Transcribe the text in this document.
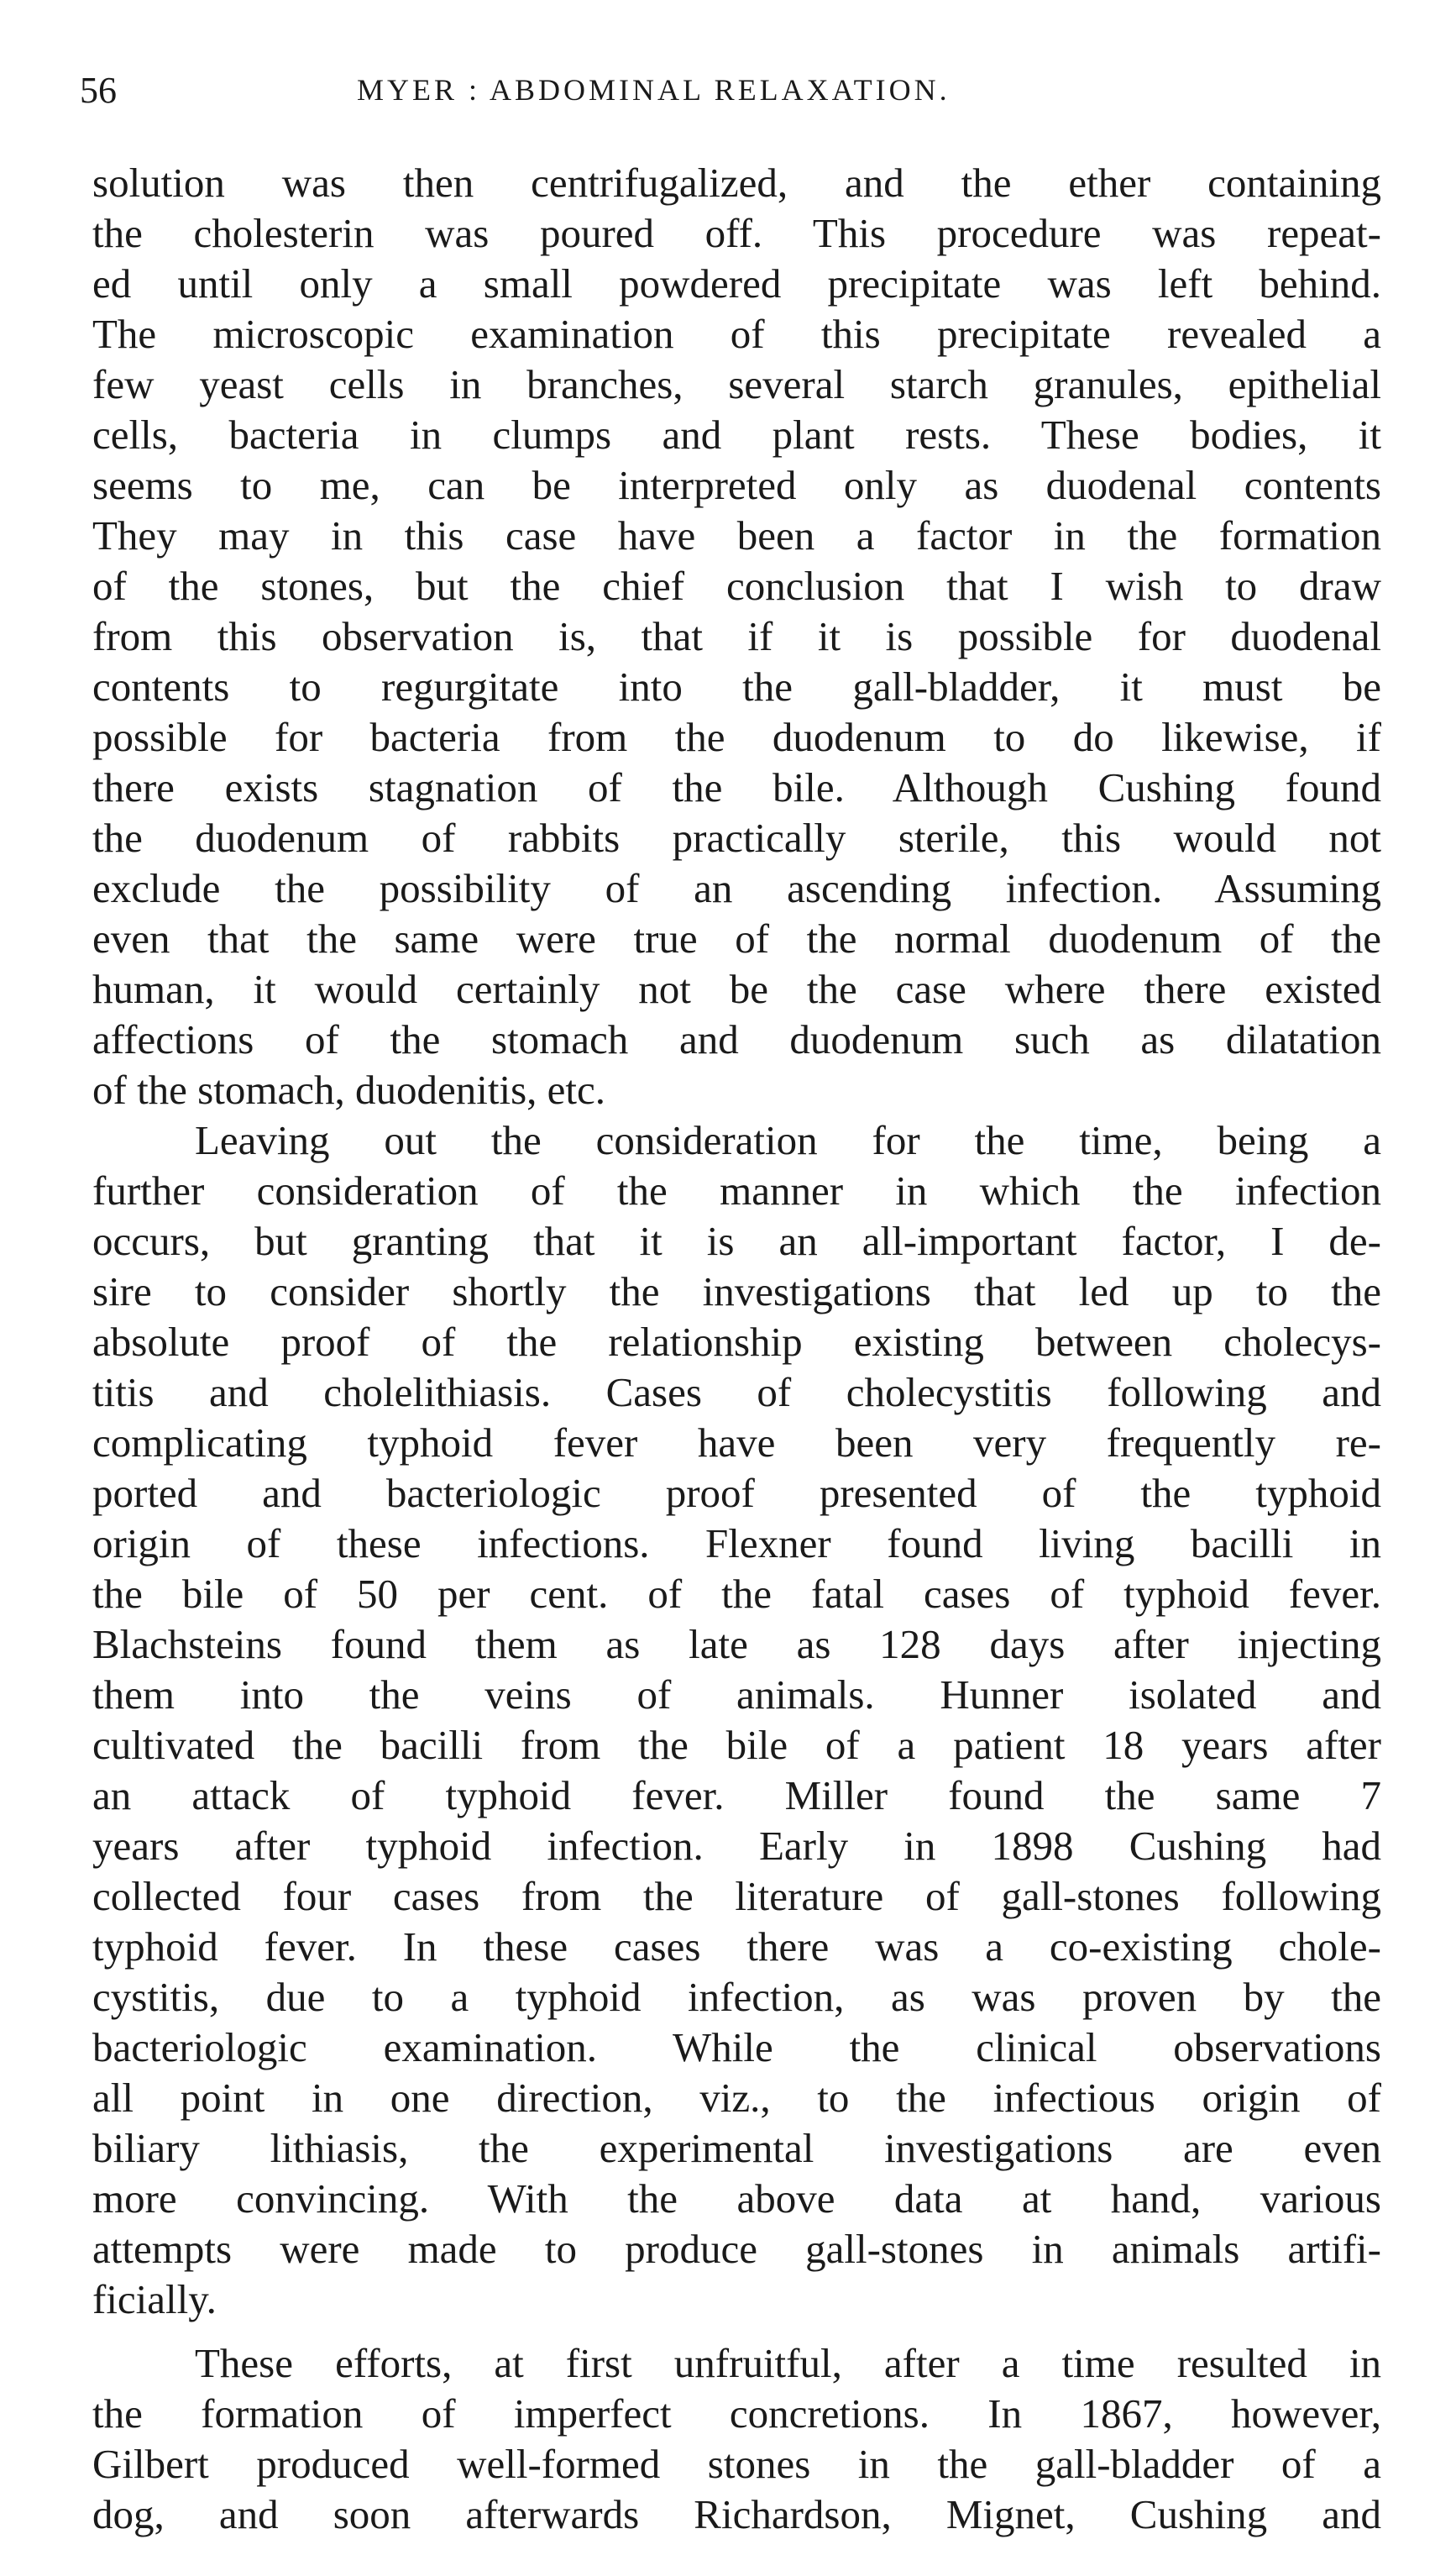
56	MYER : ABDOMINAL RELAXATION.
solution was then centrifugalized, and the ether containing
the cholesterin was poured off. This procedure was repeat-
ed until only a small powdered precipitate was left behind.
The microscopic examination of this precipitate revealed a
few yeast cells in branches, several starch granules, epithelial
cells, bacteria in clumps and plant rests. These bodies, it
seems to me, can be interpreted only as duodenal contents
They may in this case have been a factor in the formation
of the stones, but the chief conclusion that I wish to draw
from this observation is, that if it is possible for duodenal
contents to regurgitate into the gall-bladder, it must be
possible for bacteria from the duodenum to do likewise, if
there exists stagnation of the bile. Although Cushing found
the duodenum of rabbits practically sterile, this would not
exclude the possibility of an ascending infection. Assuming
even that the same were true of the normal duodenum of the
human, it would certainly not be the case where there existed
affections of the stomach and duodenum such as dilatation
of the stomach, duodenitis, etc.
Leaving out the consideration for the time, being a
further consideration of the manner in which the infection
occurs, but granting that it is an all-important factor, I de-
sire to consider shortly the investigations that led up to the
absolute proof of the relationship existing between cholecys-
titis and cholelithiasis. Cases of cholecystitis following and
complicating typhoid fever have been very frequently re-
ported and bacteriologic proof presented of the typhoid
origin of these infections. Flexner found living bacilli in
the bile of 50 per cent. of the fatal cases of typhoid fever.
Blachsteins found them as late as 128 days after injecting
them into the veins of animals. Hunner isolated and
cultivated the bacilli from the bile of a patient 18 years after
an attack of typhoid fever. Miller found the same 7
years after typhoid infection. Early in 1898 Cushing had
collected four cases from the literature of gall-stones following
typhoid fever. In these cases there was a co-existing chole-
cystitis, due to a typhoid infection, as was proven by the
bacteriologic examination. While the clinical observations
all point in one direction, viz., to the infectious origin of
biliary lithiasis, the experimental investigations are even
more convincing. With the above data at hand, various
attempts were made to produce gall-stones in animals artifi-
ficially.
These efforts, at first unfruitful, after a time resulted in
the formation of imperfect concretions. In 1867, however,
Gilbert produced well-formed stones in the gall-bladder of a
dog, and soon afterwards Richardson, Mignet, Cushing and
